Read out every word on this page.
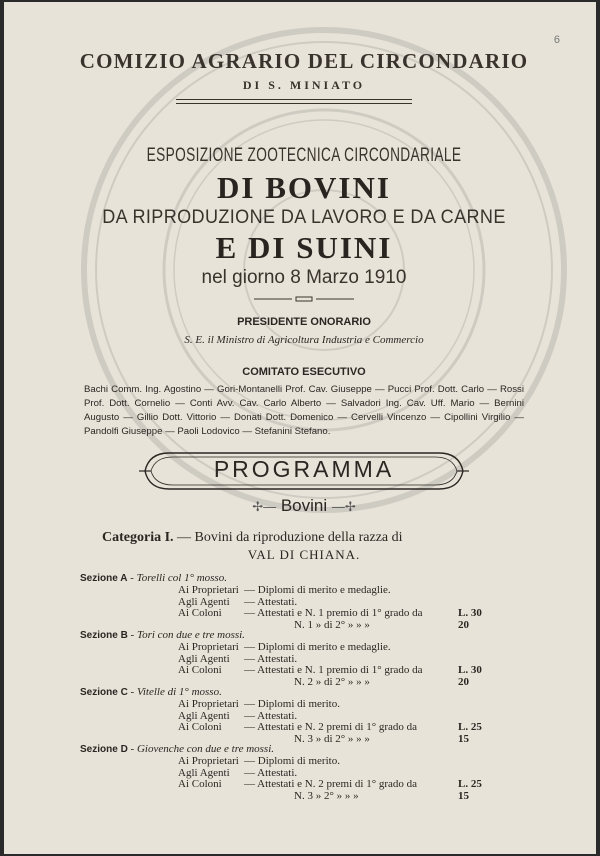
6
COMIZIO AGRARIO DEL CIRCONDARIO
DI S. MINIATO
ESPOSIZIONE ZOOTECNICA CIRCONDARIALE
DI BOVINI
DA RIPRODUZIONE DA LAVORO E DA CARNE
E DI SUINI
nel giorno 8 Marzo 1910
PRESIDENTE ONORARIO
S. E. il Ministro di Agricoltura Industria e Commercio
COMITATO ESECUTIVO
Bachi Comm. Ing. Agostino — Gori-Montanelli Prof. Cav. Giuseppe — Pucci Prof. Dott. Carlo — Rossi Prof. Dott. Cornelio — Conti Avv. Cav. Carlo Alberto — Salvadori Ing. Cav. Uff. Mario — Bernini Augusto — Gillio Dott. Vittorio — Donati Dott. Domenico — Cervelli Vincenzo — Cipollini Virgilio — Pandolfi Giuseppe — Paoli Lodovico — Stefanini Stefano.
PROGRAMMA
✢— Bovini —✢
Categoria I. — Bovini da riproduzione della razza di
VAL DI CHIANA.
Sezione A - Torelli col 1° mosso.
Ai Proprietari — Diplomi di merito e medaglie.
Agli Agenti — Attestati.
Ai Coloni — Attestati e N. 1 premio di 1° grado da	L. 30
N. 1 » di 2° » » »	20
Sezione B - Tori con due e tre mossi.
Ai Proprietari — Diplomi di merito e medaglie.
Agli Agenti — Attestati.
Ai Coloni — Attestati e N. 1 premio di 1° grado da	L. 30
N. 2 » di 2° » » »	20
Sezione C - Vitelle di 1° mosso.
Ai Proprietari — Diplomi di merito.
Agli Agenti — Attestati.
Ai Coloni — Attestati e N. 2 premi di 1° grado da	L. 25
N. 3 » di 2° » » »	15
Sezione D - Giovenche con due e tre mossi.
Ai Proprietari — Diplomi di merito.
Agli Agenti — Attestati.
Ai Coloni — Attestati e N. 2 premi di 1° grado da	L. 25
N. 3 » 2° » » »	15
